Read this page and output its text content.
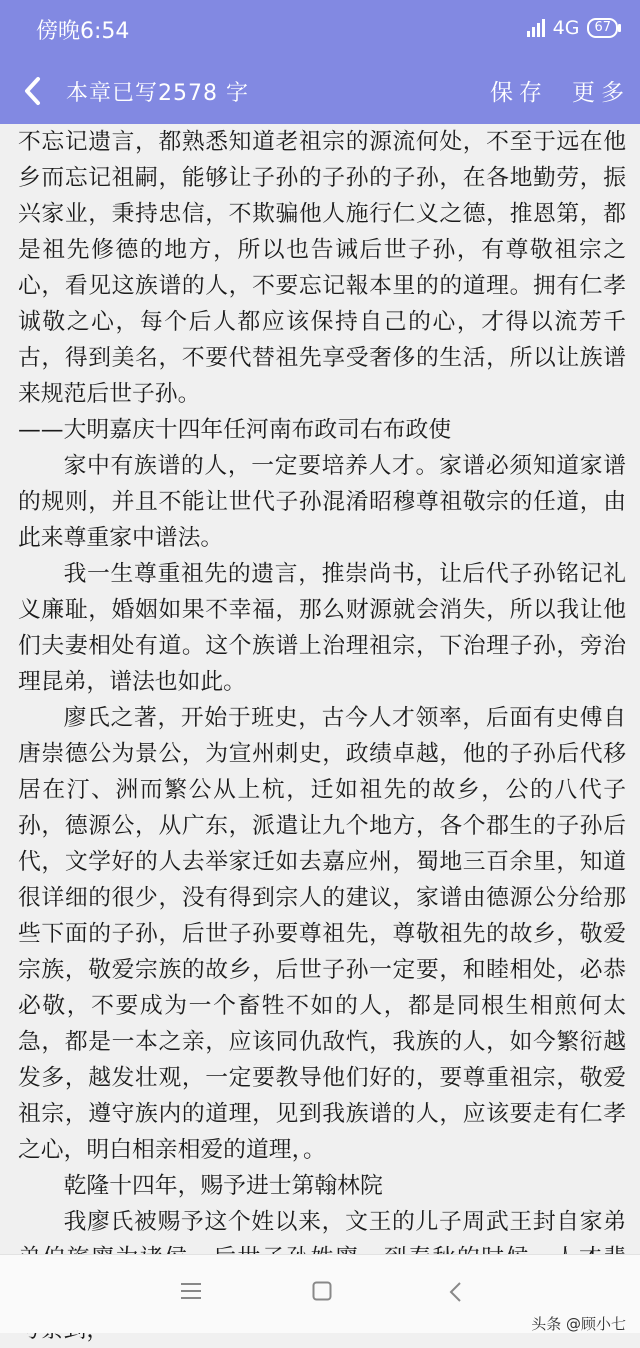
傍晚6:54	4G	67
本章已写2578 字	保存 更多

不忘记遗言，都熟悉知道老祖宗的源流何处，不至于远在他乡而忘记祖嗣，能够让子孙的子孙的子孙，在各地勤劳，振兴家业，秉持忠信，不欺骗他人施行仁义之德，推恩第，都是祖先修德的地方，所以也告诫后世子孙，有尊敬祖宗之心，看见这族谱的人，不要忘记報本里的的道理。拥有仁孝诚敬之心，每个后人都应该保持自己的心，才得以流芳千古，得到美名，不要代替祖先享受奢侈的生活，所以让族谱来规范后世子孙。

——大明嘉庆十四年任河南布政司右布政使

家中有族谱的人，一定要培养人才。家谱必须知道家谱的规则，并且不能让世代子孙混淆昭穆尊祖敬宗的任道，由此来尊重家中谱法。

我一生尊重祖先的遗言，推崇尚书，让后代子孙铭记礼义廉耻，婚姻如果不幸福，那么财源就会消失，所以我让他们夫妻相处有道。这个族谱上治理祖宗，下治理子孙，旁治理昆弟，谱法也如此。

廖氏之著，开始于班史，古今人才领率，后面有史傅自唐崇德公为景公，为宣州刺史，政绩卓越，他的子孙后代移居在汀、洲而繁公从上杭，迁如祖先的故乡，公的八代子孙，德源公，从广东，派遣让九个地方，各个郡生的子孙后代，文学好的人去举家迁如去嘉应州，蜀地三百余里，知道很详细的很少，没有得到宗人的建议，家谱由德源公分给那些下面的子孙，后世子孙要尊祖先，尊敬祖先的故乡，敬爱宗族，敬爱宗族的故乡，后世子孙一定要，和睦相处，必恭必敬，不要成为一个畜牲不如的人，都是同根生相煎何太急，都是一本之亲，应该同仇敌忾，我族的人，如今繁衍越发多，越发壮观，一定要教导他们好的，要尊重祖宗，敬爱祖宗，遵守族内的道理，见到我族谱的人，应该要走有仁孝之心，明白相亲相爱的道理，。

乾隆十四年，赐予进士第翰林院

我廖氏被赐予这个姓以来，文王的儿子周武王封自家弟

头条 @顾小七
